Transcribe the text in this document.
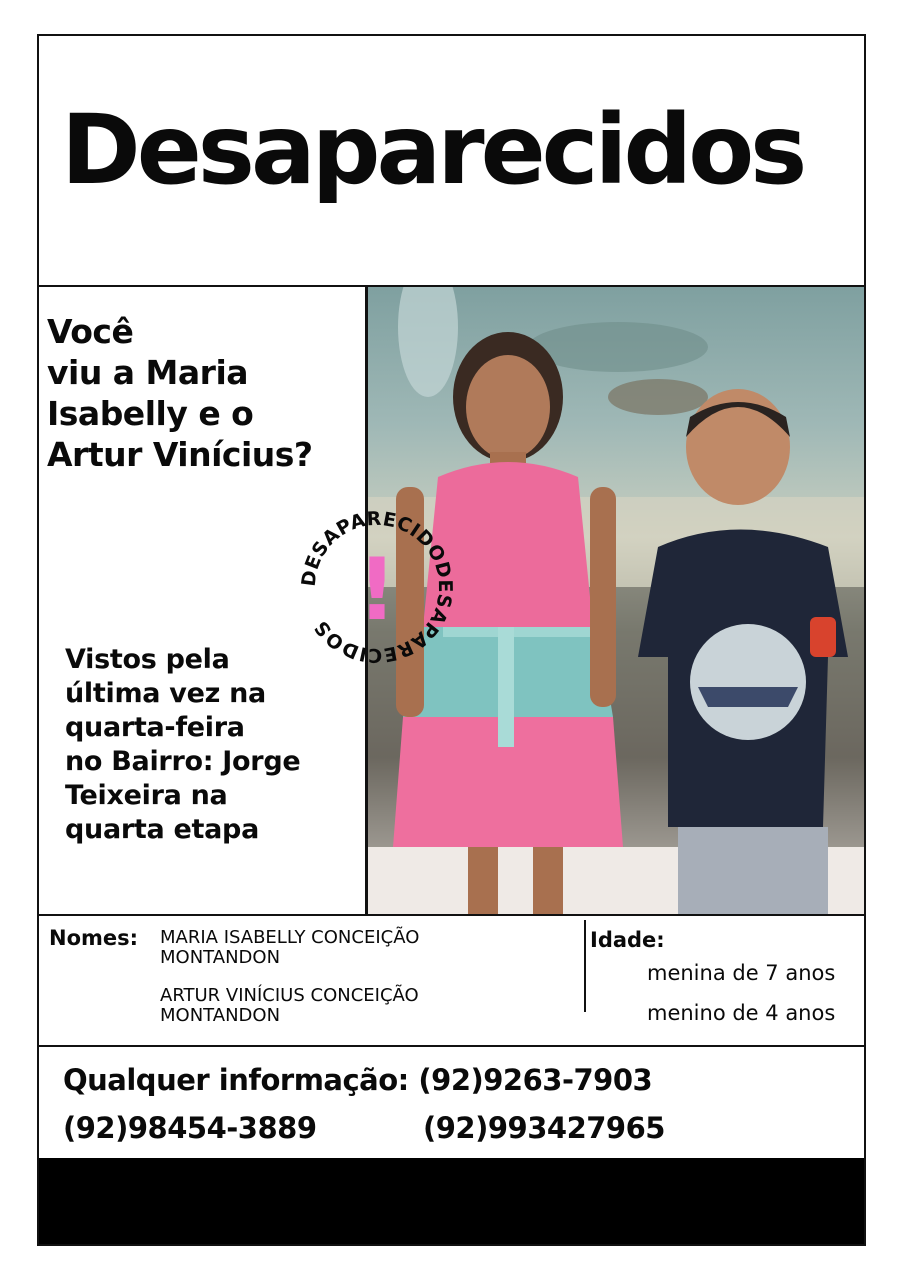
Desaparecidos
Você
viu a Maria
Isabelly e o
Artur Vinícius?
Vistos pela
última vez na
quarta-feira
no Bairro: Jorge
Teixeira na
quarta etapa
DESAPARECIDODESAPARECIDOS !
Nomes: MARIA ISABELLY CONCEIÇÃO
MONTANDON
ARTUR VINÍCIUS CONCEIÇÃO
MONTANDON
Idade:
menina de 7 anos
menino de 4 anos
Qualquer informação: (92)9263-7903
(92)98454-3889	(92)993427965
